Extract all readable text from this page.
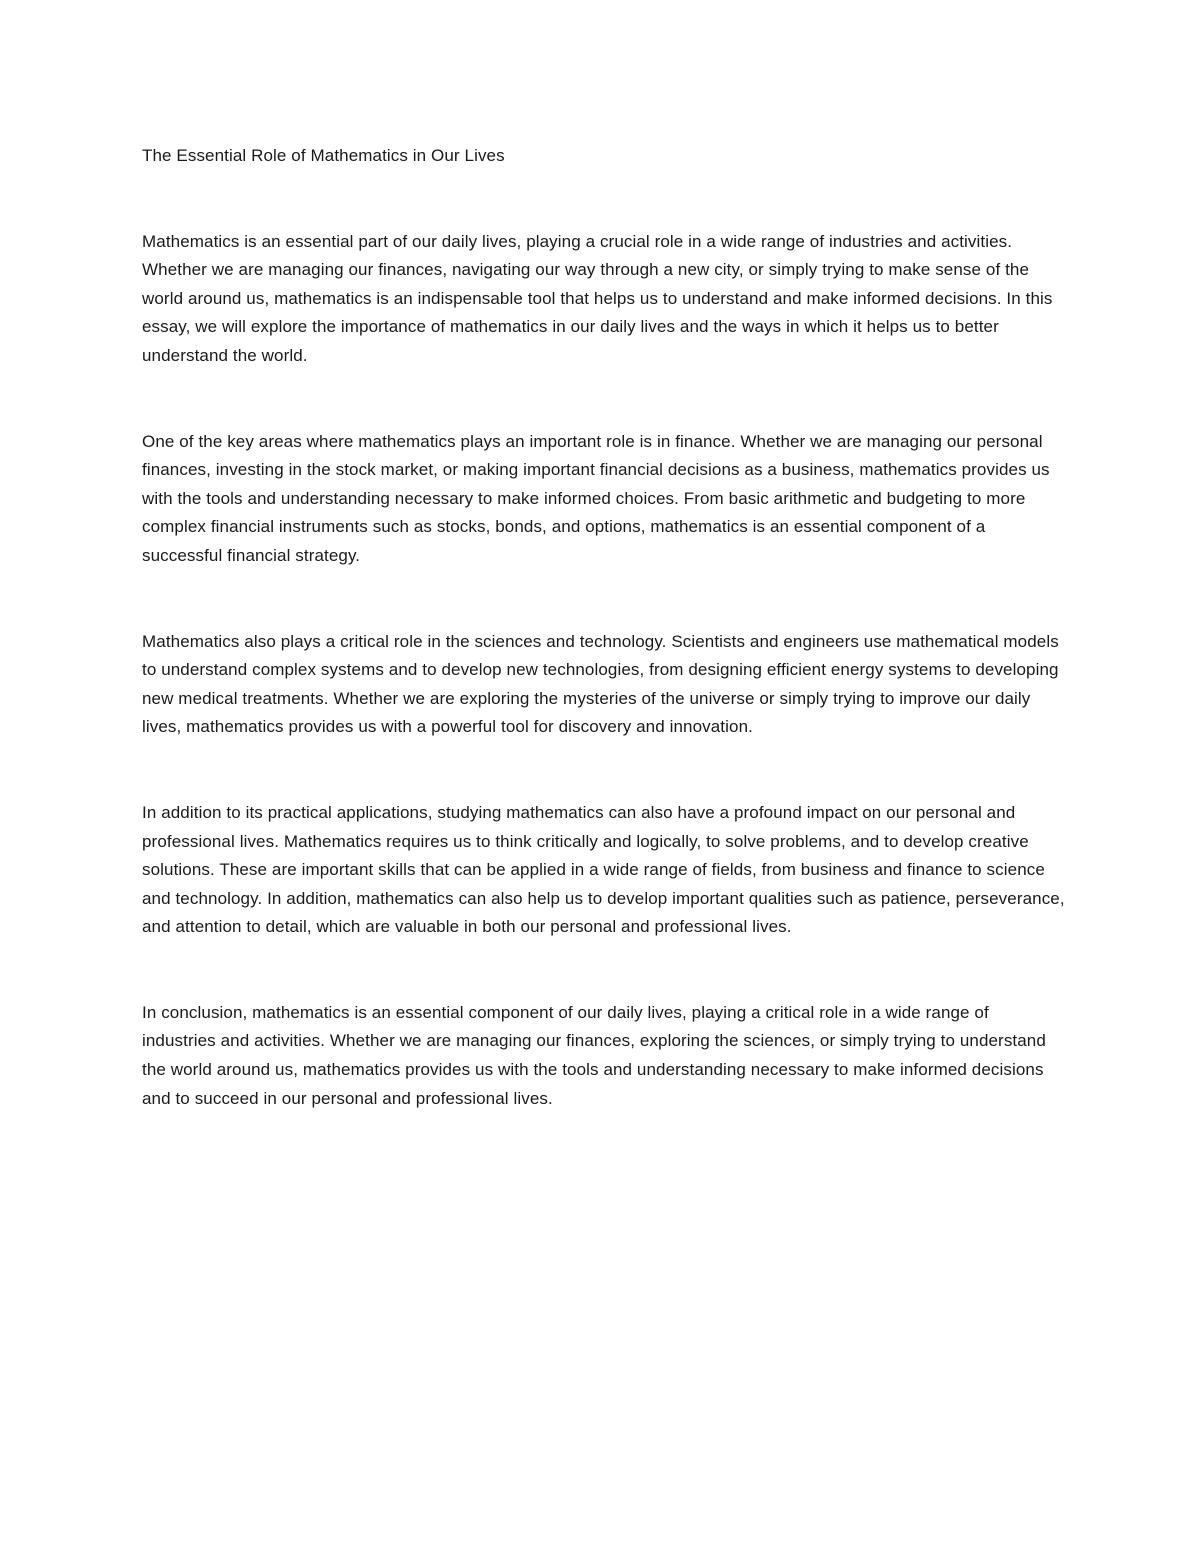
The Essential Role of Mathematics in Our Lives

Mathematics is an essential part of our daily lives, playing a crucial role in a wide range of industries and activities. Whether we are managing our finances, navigating our way through a new city, or simply trying to make sense of the world around us, mathematics is an indispensable tool that helps us to understand and make informed decisions. In this essay, we will explore the importance of mathematics in our daily lives and the ways in which it helps us to better understand the world.

One of the key areas where mathematics plays an important role is in finance. Whether we are managing our personal finances, investing in the stock market, or making important financial decisions as a business, mathematics provides us with the tools and understanding necessary to make informed choices. From basic arithmetic and budgeting to more complex financial instruments such as stocks, bonds, and options, mathematics is an essential component of a successful financial strategy.

Mathematics also plays a critical role in the sciences and technology. Scientists and engineers use mathematical models to understand complex systems and to develop new technologies, from designing efficient energy systems to developing new medical treatments. Whether we are exploring the mysteries of the universe or simply trying to improve our daily lives, mathematics provides us with a powerful tool for discovery and innovation.

In addition to its practical applications, studying mathematics can also have a profound impact on our personal and professional lives. Mathematics requires us to think critically and logically, to solve problems, and to develop creative solutions. These are important skills that can be applied in a wide range of fields, from business and finance to science and technology. In addition, mathematics can also help us to develop important qualities such as patience, perseverance, and attention to detail, which are valuable in both our personal and professional lives.

In conclusion, mathematics is an essential component of our daily lives, playing a critical role in a wide range of industries and activities. Whether we are managing our finances, exploring the sciences, or simply trying to understand the world around us, mathematics provides us with the tools and understanding necessary to make informed decisions and to succeed in our personal and professional lives.
